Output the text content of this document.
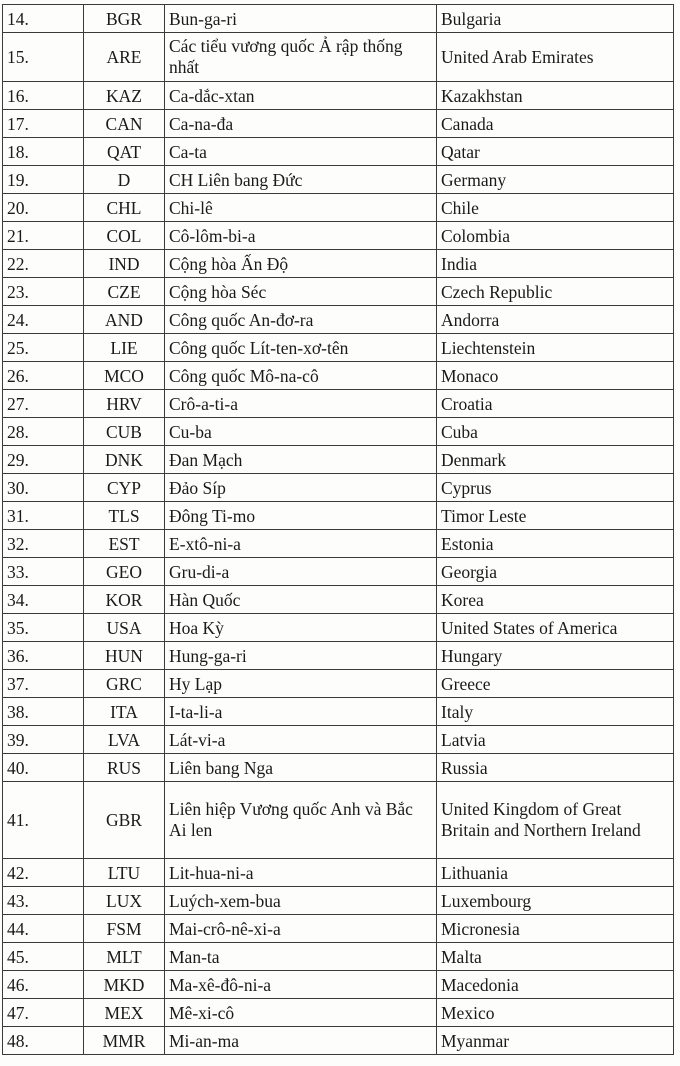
14.	BGR	Bun-ga-ri	Bulgaria
15.	ARE	Các tiểu vương quốc Ả rập thống nhất	United Arab Emirates
16.	KAZ	Ca-dắc-xtan	Kazakhstan
17.	CAN	Ca-na-đa	Canada
18.	QAT	Ca-ta	Qatar
19.	D	CH Liên bang Đức	Germany
20.	CHL	Chi-lê	Chile
21.	COL	Cô-lôm-bi-a	Colombia
22.	IND	Cộng hòa Ấn Độ	India
23.	CZE	Cộng hòa Séc	Czech Republic
24.	AND	Công quốc An-đơ-ra	Andorra
25.	LIE	Công quốc Lít-ten-xơ-tên	Liechtenstein
26.	MCO	Công quốc Mô-na-cô	Monaco
27.	HRV	Crô-a-ti-a	Croatia
28.	CUB	Cu-ba	Cuba
29.	DNK	Đan Mạch	Denmark
30.	CYP	Đảo Síp	Cyprus
31.	TLS	Đông Ti-mo	Timor Leste
32.	EST	E-xtô-ni-a	Estonia
33.	GEO	Gru-di-a	Georgia
34.	KOR	Hàn Quốc	Korea
35.	USA	Hoa Kỳ	United States of America
36.	HUN	Hung-ga-ri	Hungary
37.	GRC	Hy Lạp	Greece
38.	ITA	I-ta-li-a	Italy
39.	LVA	Lát-vi-a	Latvia
40.	RUS	Liên bang Nga	Russia
41.	GBR	Liên hiệp Vương quốc Anh và Bắc Ai len	United Kingdom of Great Britain and Northern Ireland
42.	LTU	Lit-hua-ni-a	Lithuania
43.	LUX	Luých-xem-bua	Luxembourg
44.	FSM	Mai-crô-nê-xi-a	Micronesia
45.	MLT	Man-ta	Malta
46.	MKD	Ma-xê-đô-ni-a	Macedonia
47.	MEX	Mê-xi-cô	Mexico
48.	MMR	Mi-an-ma	Myanmar
